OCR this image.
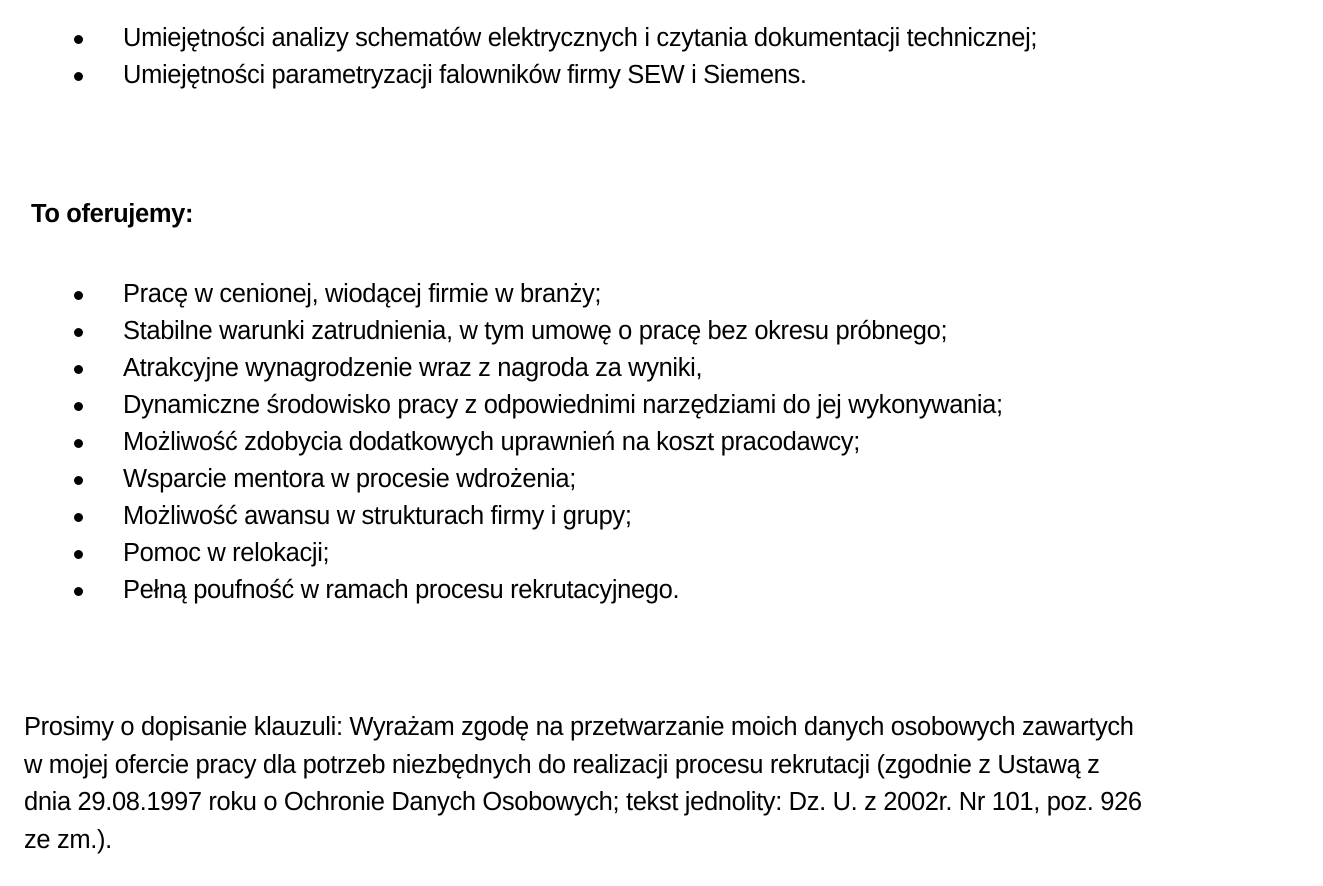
Umiejętności analizy schematów elektrycznych i czytania dokumentacji technicznej;
Umiejętności parametryzacji falowników firmy SEW i Siemens.
To oferujemy:
Pracę w cenionej, wiodącej firmie w branży;
Stabilne warunki zatrudnienia, w tym umowę o pracę bez okresu próbnego;
Atrakcyjne wynagrodzenie wraz z nagroda za wyniki,
Dynamiczne środowisko pracy z odpowiednimi narzędziami do jej wykonywania;
Możliwość zdobycia dodatkowych uprawnień na koszt pracodawcy;
Wsparcie mentora w procesie wdrożenia;
Możliwość awansu w strukturach firmy i grupy;
Pomoc w relokacji;
Pełną poufność w ramach procesu rekrutacyjnego.

Prosimy o dopisanie klauzuli: Wyrażam zgodę na przetwarzanie moich danych osobowych zawartych
w mojej ofercie pracy dla potrzeb niezbędnych do realizacji procesu rekrutacji (zgodnie z Ustawą z
dnia 29.08.1997 roku o Ochronie Danych Osobowych; tekst jednolity: Dz. U. z 2002r. Nr 101, poz. 926
ze zm.).
